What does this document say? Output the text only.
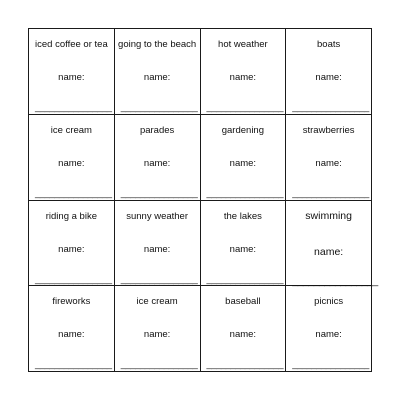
iced coffee or tea
name:
________________
going to the beach
name:
________________
hot weather
name:
________________
boats
name:
________________
ice cream
name:
________________
parades
name:
________________
gardening
name:
________________
strawberries
name:
________________
riding a bike
name:
________________
sunny weather
name:
________________
the lakes
name:
________________
swimming
name:
________________
fireworks
name:
________________
ice cream
name:
________________
baseball
name:
________________
picnics
name:
________________
